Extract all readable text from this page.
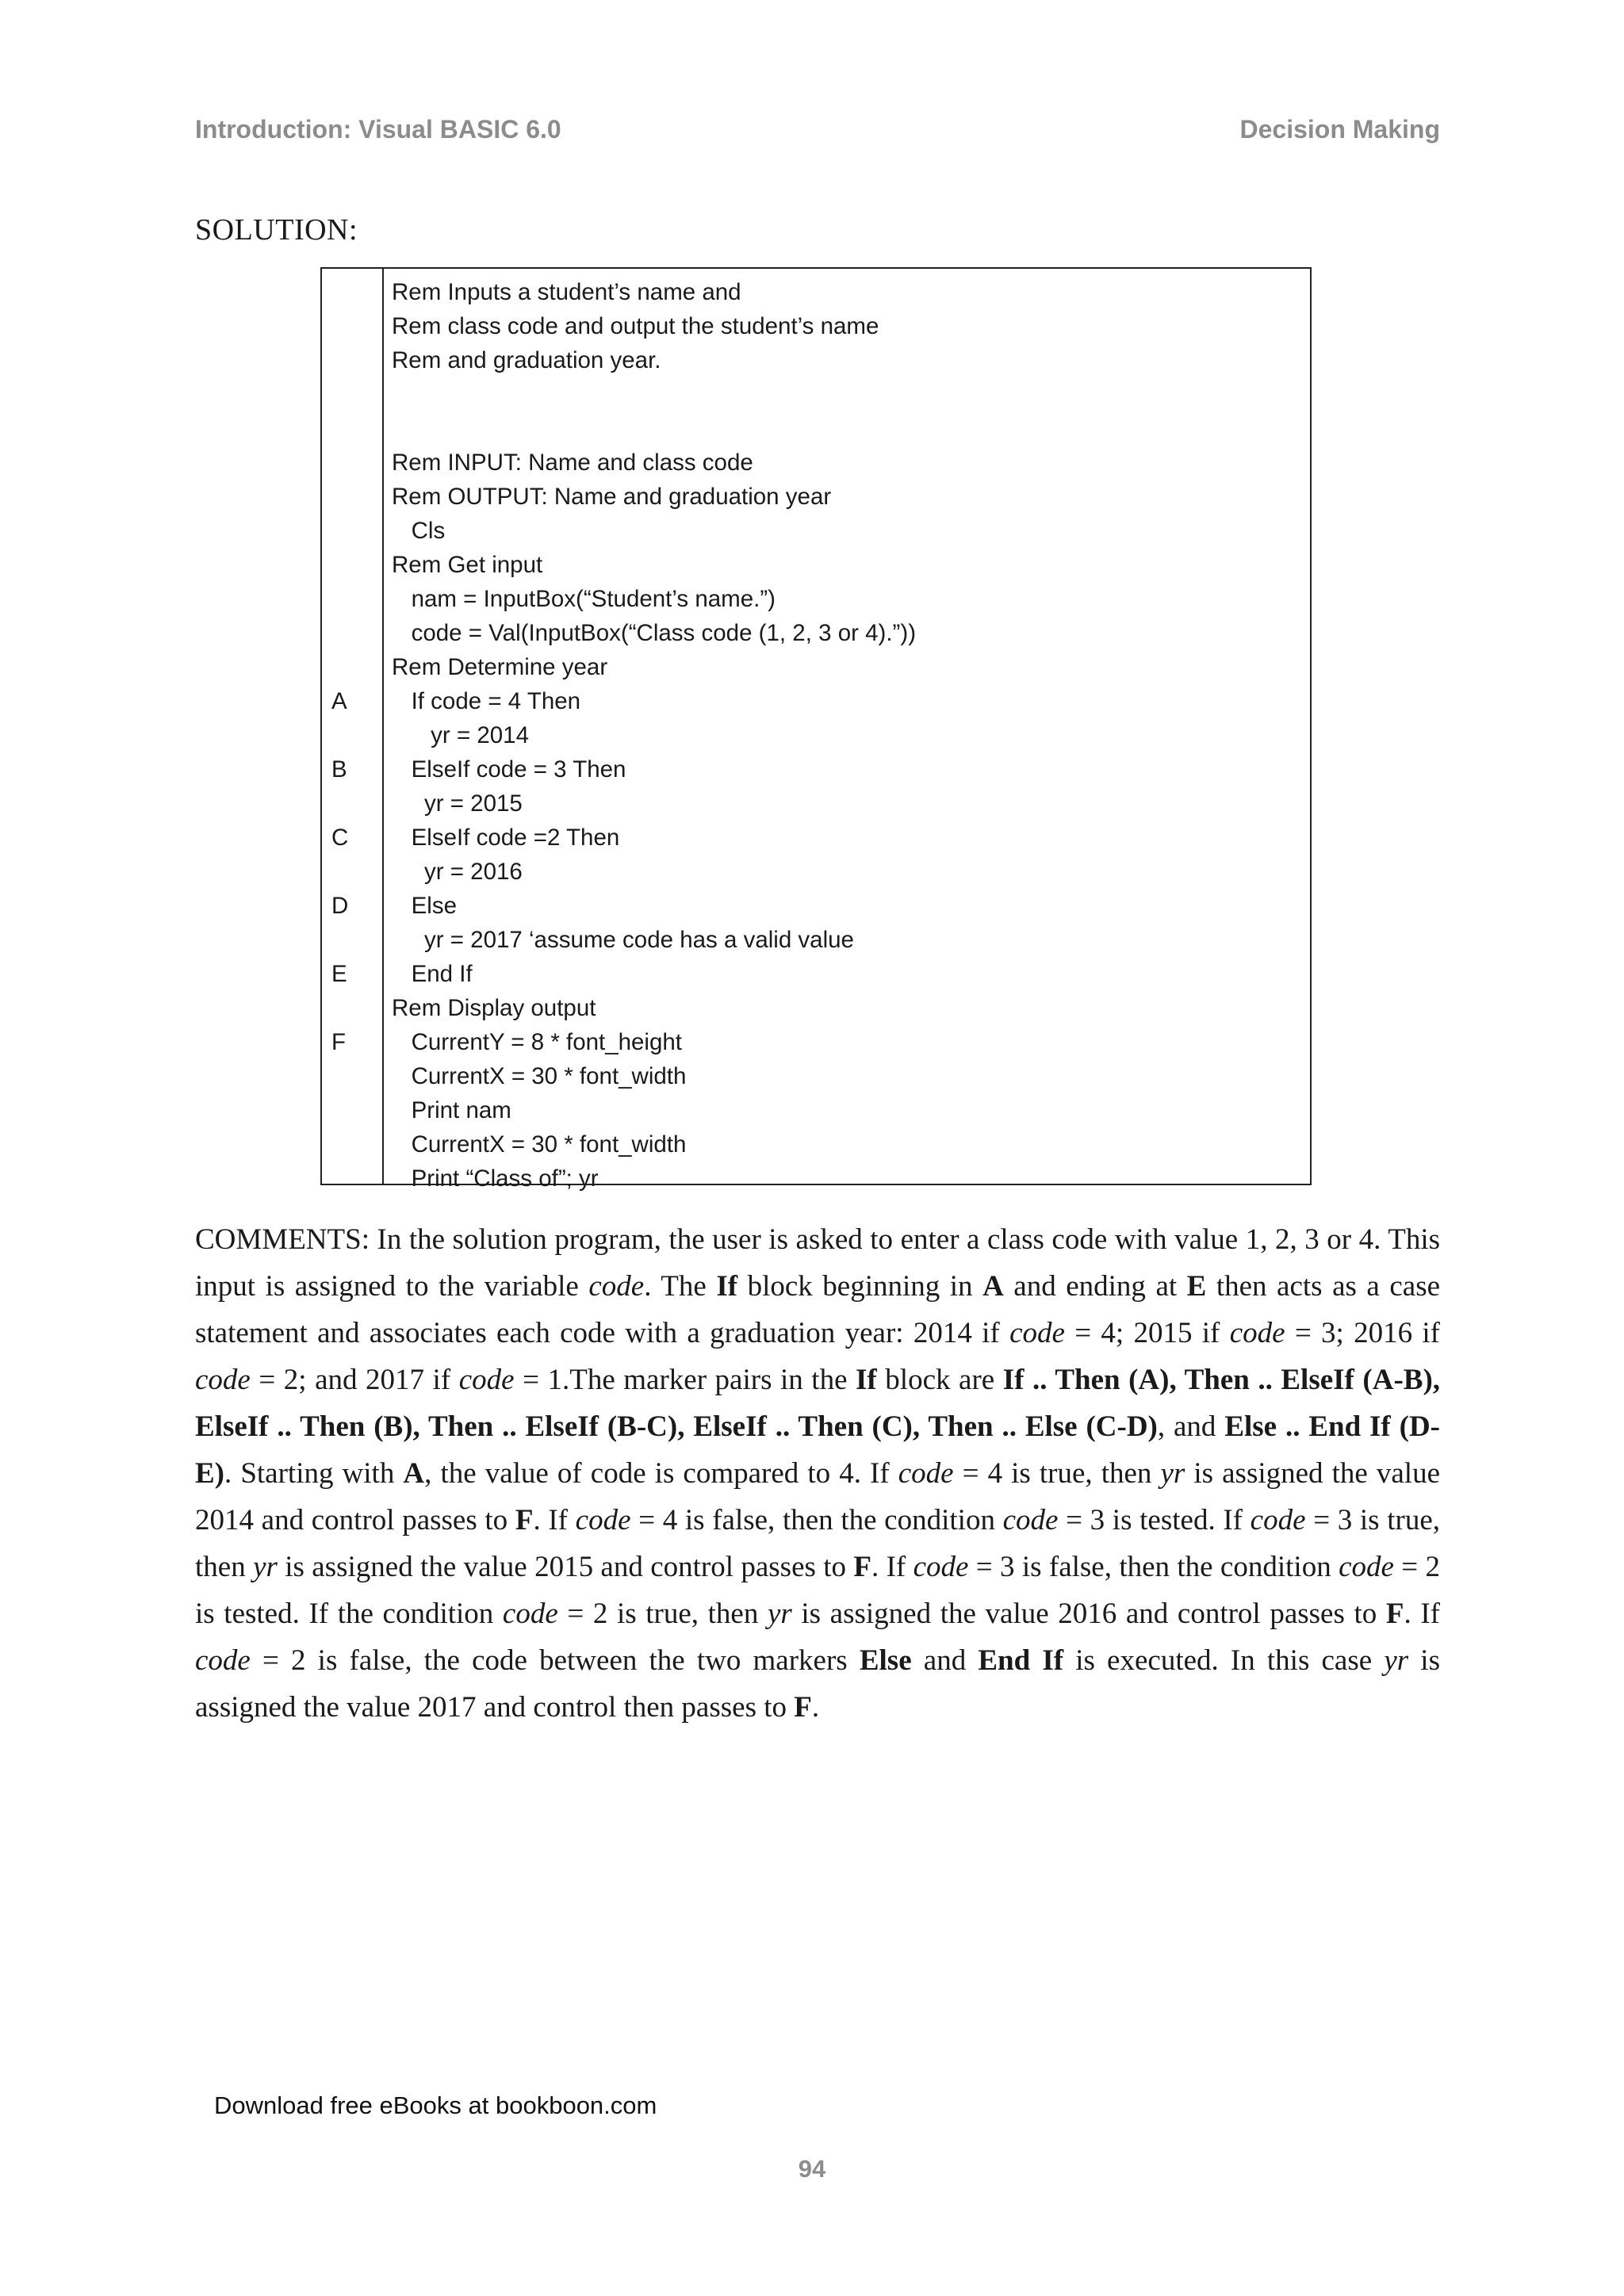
Introduction: Visual BASIC 6.0	Decision Making
SOLUTION:
A
B
C
D
E
F
Rem Inputs a student’s name and
Rem class code and output the student’s name
Rem and graduation year.
Rem INPUT: Name and class code
Rem OUTPUT: Name and graduation year
Cls
Rem Get input
nam = InputBox(“Student’s name.”)
code = Val(InputBox(“Class code (1, 2, 3 or 4).”))
Rem Determine year
If code = 4 Then
yr = 2014
ElseIf code = 3 Then
yr = 2015
ElseIf code =2 Then
yr = 2016
Else
yr = 2017 ‘assume code has a valid value
End If
Rem Display output
CurrentY = 8 * font_height
CurrentX = 30 * font_width
Print nam
CurrentX = 30 * font_width
Print “Class of”; yr
COMMENTS: In the solution program, the user is asked to enter a class code with value 1, 2, 3 or 4. This input is assigned to the variable code. The If block beginning in A and ending at E then acts as a case statement and associates each code with a graduation year: 2014 if code = 4; 2015 if code = 3; 2016 if code = 2; and 2017 if code = 1.The marker pairs in the If block are If .. Then (A), Then .. ElseIf (A-B), ElseIf .. Then (B), Then .. ElseIf (B-C), ElseIf .. Then (C), Then .. Else (C-D), and Else .. End If (D-E). Starting with A, the value of code is compared to 4. If code = 4 is true, then yr is assigned the value 2014 and control passes to F. If code = 4 is false, then the condition code = 3 is tested. If code = 3 is true, then yr is assigned the value 2015 and control passes to F. If code = 3 is false, then the condition code = 2 is tested. If the condition code = 2 is true, then yr is assigned the value 2016 and control passes to F. If code = 2 is false, the code between the two markers Else and End If is executed. In this case yr is assigned the value 2017 and control then passes to F.
Download free eBooks at bookboon.com
94
